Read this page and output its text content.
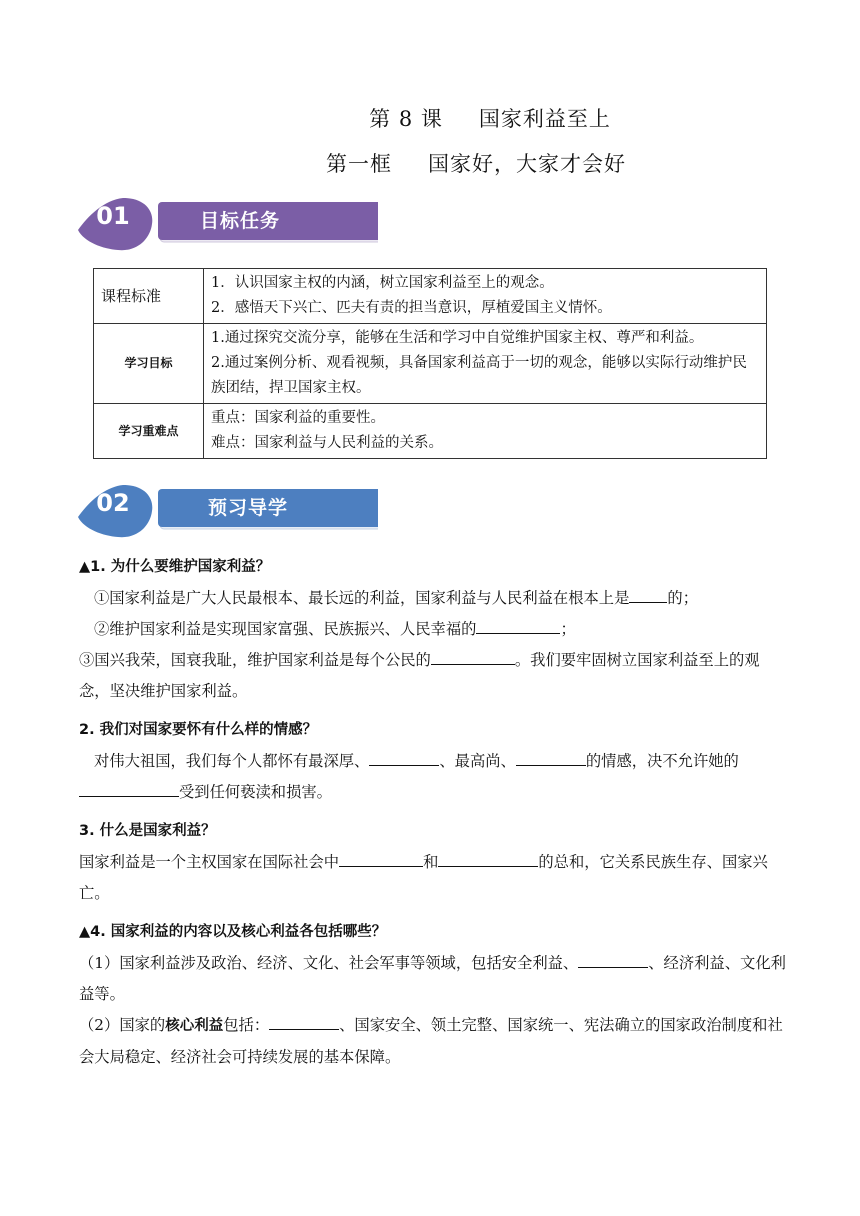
第 8 课 国家利益至上
第一框 国家好，大家才会好
01	目标任务
课程标准	1．认识国家主权的内涵，树立国家利益至上的观念。
2．感悟天下兴亡、匹夫有责的担当意识，厚植爱国主义情怀。

学习目标	1.通过探究交流分享，能够在生活和学习中自觉维护国家主权、尊严和利益。
2.通过案例分析、观看视频，具备国家利益高于一切的观念，能够以实际行动维护民族团结，捍卫国家主权。

学习重难点	重点：国家利益的重要性。
难点：国家利益与人民利益的关系。
02	预习导学

▲1. 为什么要维护国家利益？

①国家利益是广大人民最根本、最长远的利益，国家利益与人民利益在根本上是 的；

②维护国家利益是实现国家富强、民族振兴、人民幸福的	；

③国兴我荣，国衰我耻，维护国家利益是每个公民的	。我们要牢固树立国家利益至上的观念，坚决维护国家利益。

2. 我们对国家要怀有什么样的情感？

对伟大祖国，我们每个人都怀有最深厚、	、最高尚、	的情感，决不允许她的受到任何亵渎和损害。

3. 什么是国家利益？

国家利益是一个主权国家在国际社会中	和	的总和，它关系民族生存、国家兴亡。

▲4. 国家利益的内容以及核心利益各包括哪些？

（1）国家利益涉及政治、经济、文化、社会军事等领域，包括安全利益、	、经济利益、文化利益等。

（2）国家的核心利益包括：	、国家安全、领土完整、国家统一、宪法确立的国家政治制度和社会大局稳定、经济社会可持续发展的基本保障。
